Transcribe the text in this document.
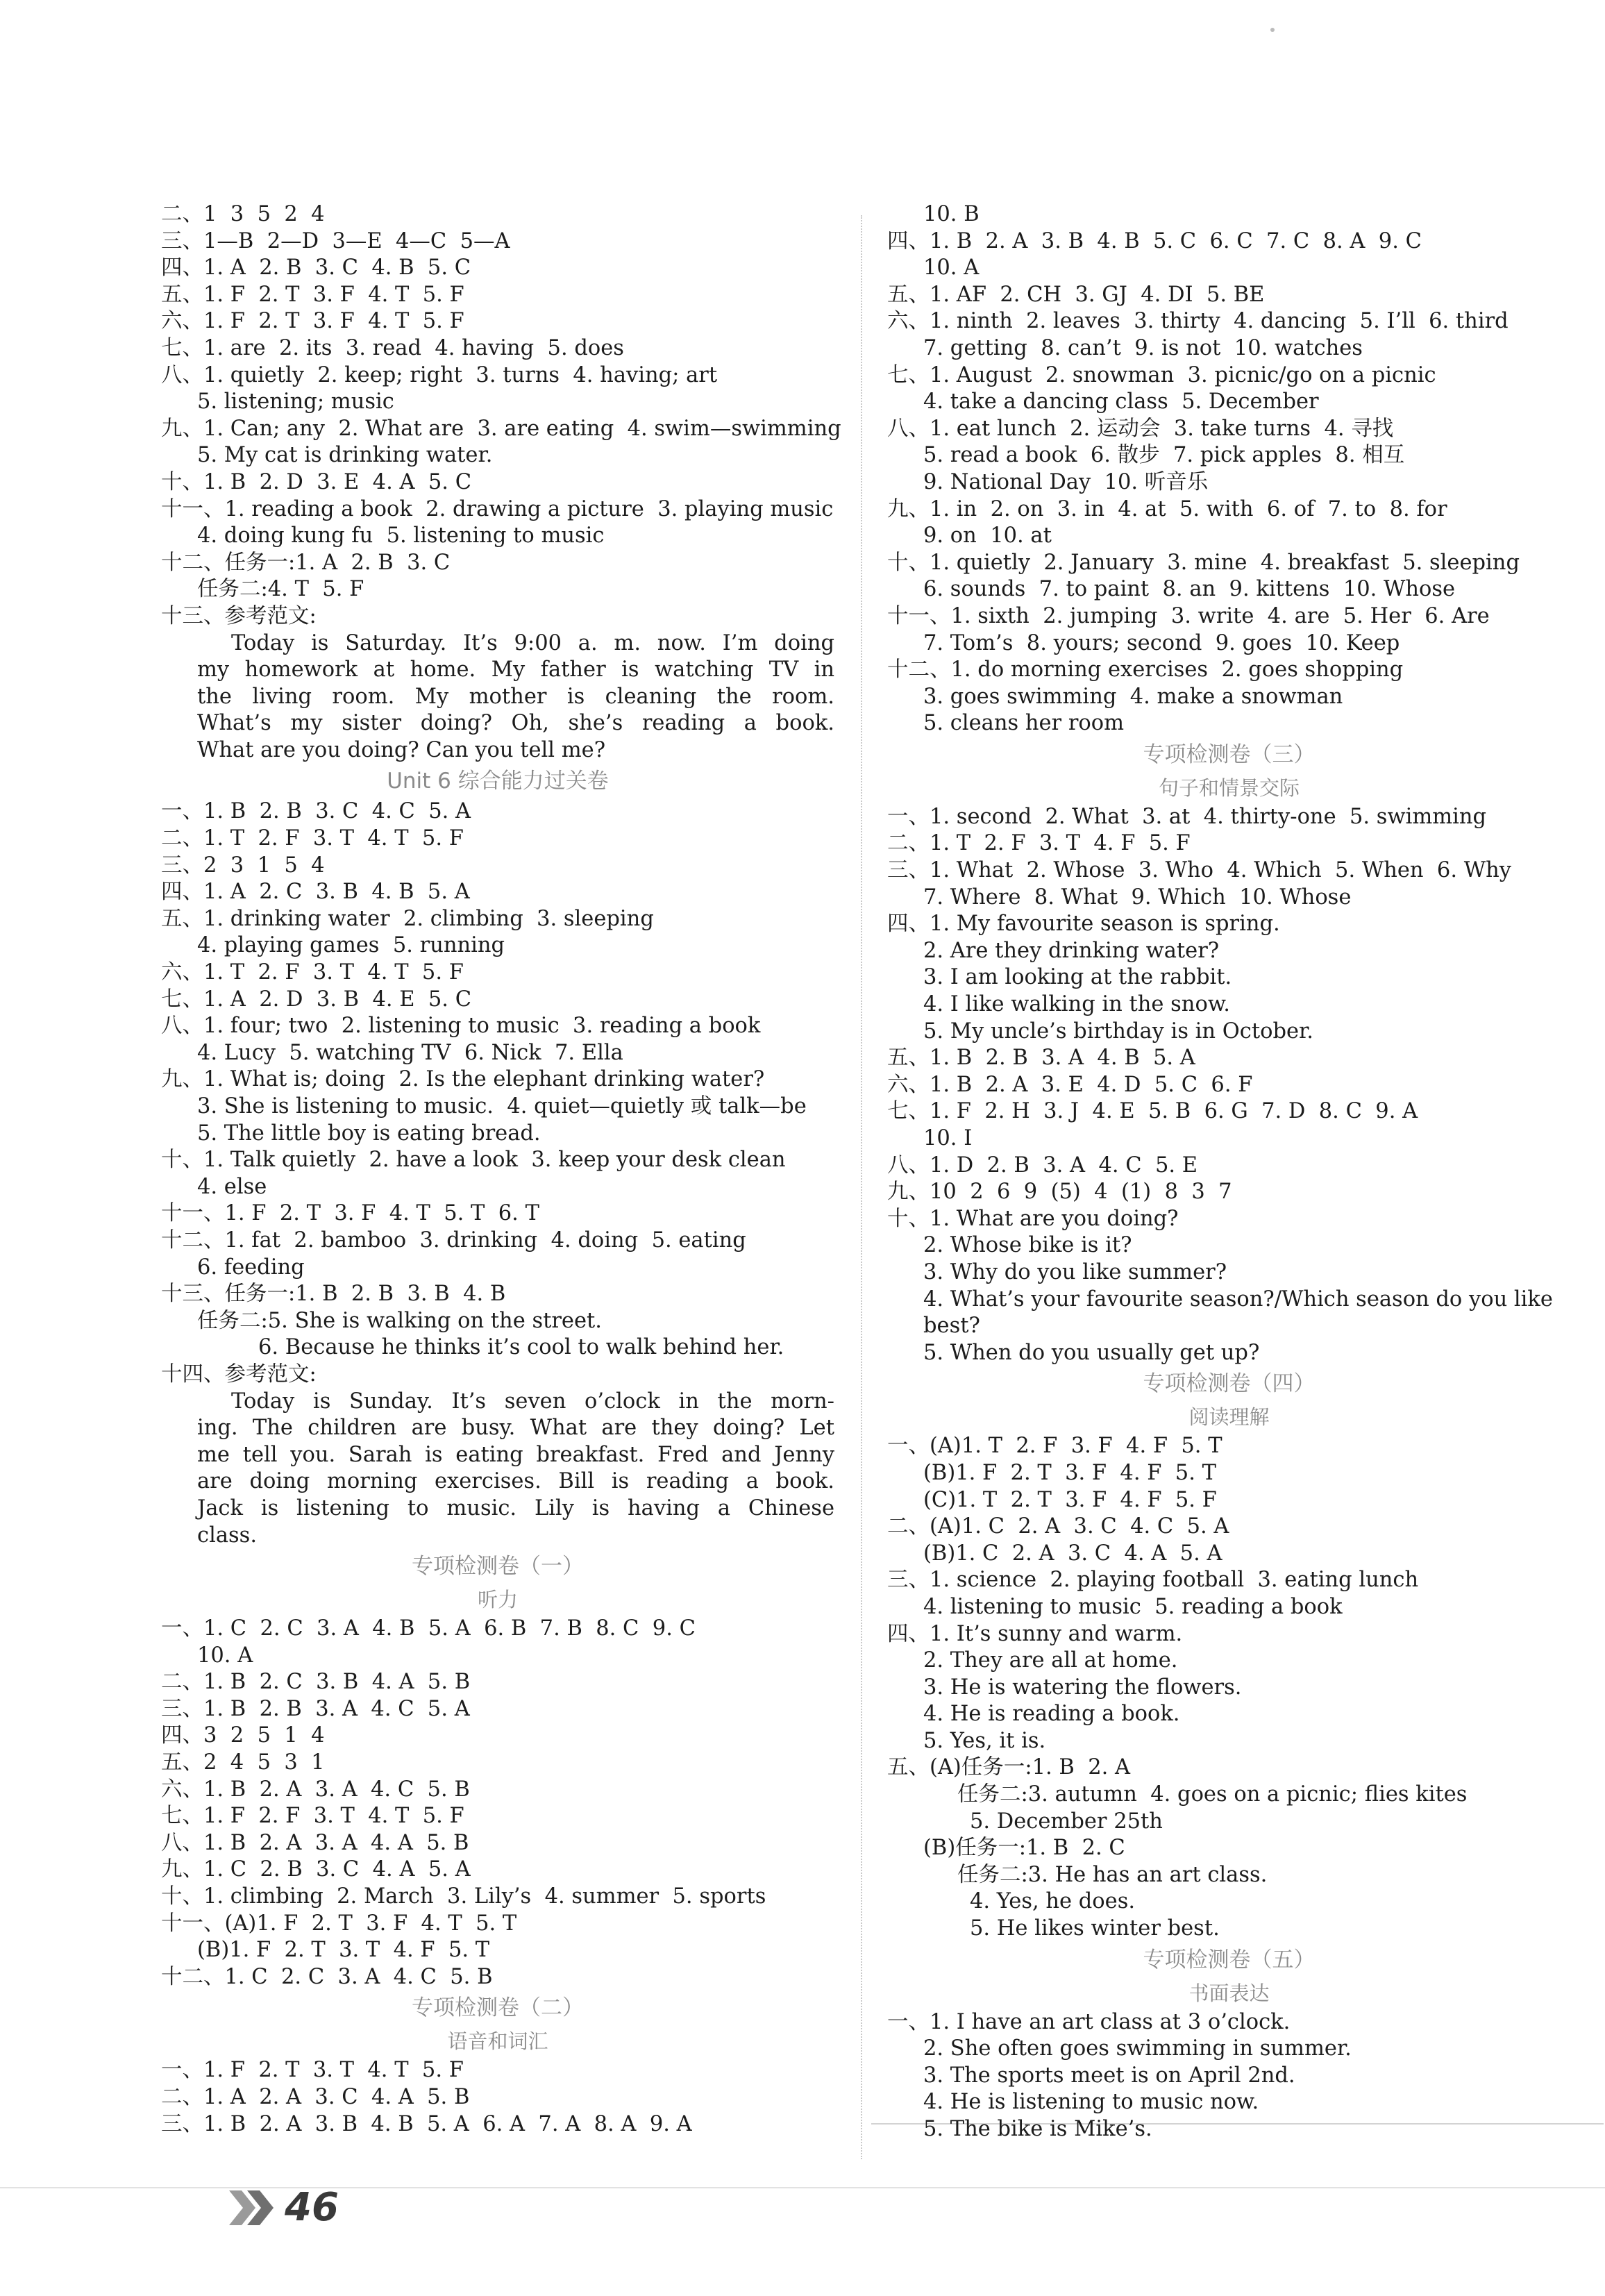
二、1  3  5  2  4
三、1—B  2—D  3—E  4—C  5—A
四、1. A  2. B  3. C  4. B  5. C
五、1. F  2. T  3. F  4. T  5. F
六、1. F  2. T  3. F  4. T  5. F
七、1. are  2. its  3. read  4. having  5. does
八、1. quietly  2. keep; right  3. turns  4. having; art
5. listening; music
九、1. Can; any  2. What are  3. are eating  4. swim—swimming
5. My cat is drinking water.
十、1. B  2. D  3. E  4. A  5. C
十一、1. reading a book  2. drawing a picture  3. playing music
4. doing kung fu  5. listening to music
十二、任务一:1. A  2. B  3. C
任务二:4. T  5. F
十三、参考范文:
Today is Saturday. It’s 9:00 a. m. now. I’m doing
my homework at home. My father is watching TV in
the living room. My mother is cleaning the room.
What’s my sister doing? Oh, she’s reading a book.
What are you doing? Can you tell me?
Unit 6 综合能力过关卷
一、1. B  2. B  3. C  4. C  5. A
二、1. T  2. F  3. T  4. T  5. F
三、2  3  1  5  4
四、1. A  2. C  3. B  4. B  5. A
五、1. drinking water  2. climbing  3. sleeping
4. playing games  5. running
六、1. T  2. F  3. T  4. T  5. F
七、1. A  2. D  3. B  4. E  5. C
八、1. four; two  2. listening to music  3. reading a book
4. Lucy  5. watching TV  6. Nick  7. Ella
九、1. What is; doing  2. Is the elephant drinking water?
3. She is listening to music.  4. quiet—quietly 或 talk—be
5. The little boy is eating bread.
十、1. Talk quietly  2. have a look  3. keep your desk clean
4. else
十一、1. F  2. T  3. F  4. T  5. T  6. T
十二、1. fat  2. bamboo  3. drinking  4. doing  5. eating
6. feeding
十三、任务一:1. B  2. B  3. B  4. B
任务二:5. She is walking on the street.
6. Because he thinks it’s cool to walk behind her.
十四、参考范文:
Today is Sunday. It’s seven o’clock in the morn-
ing. The children are busy. What are they doing? Let
me tell you. Sarah is eating breakfast. Fred and Jenny
are doing morning exercises. Bill is reading a book.
Jack is listening to music. Lily is having a Chinese
class.
专项检测卷（一）
听力
一、1. C  2. C  3. A  4. B  5. A  6. B  7. B  8. C  9. C
10. A
二、1. B  2. C  3. B  4. A  5. B
三、1. B  2. B  3. A  4. C  5. A
四、3  2  5  1  4
五、2  4  5  3  1
六、1. B  2. A  3. A  4. C  5. B
七、1. F  2. F  3. T  4. T  5. F
八、1. B  2. A  3. A  4. A  5. B
九、1. C  2. B  3. C  4. A  5. A
十、1. climbing  2. March  3. Lily’s  4. summer  5. sports
十一、(A)1. F  2. T  3. F  4. T  5. T
(B)1. F  2. T  3. T  4. F  5. T
十二、1. C  2. C  3. A  4. C  5. B
专项检测卷（二）
语音和词汇
一、1. F  2. T  3. T  4. T  5. F
二、1. A  2. A  3. C  4. A  5. B
三、1. B  2. A  3. B  4. B  5. A  6. A  7. A  8. A  9. A
10. B
四、1. B  2. A  3. B  4. B  5. C  6. C  7. C  8. A  9. C
10. A
五、1. AF  2. CH  3. GJ  4. DI  5. BE
六、1. ninth  2. leaves  3. thirty  4. dancing  5. I’ll  6. third
7. getting  8. can’t  9. is not  10. watches
七、1. August  2. snowman  3. picnic/go on a picnic
4. take a dancing class  5. December
八、1. eat lunch  2. 运动会  3. take turns  4. 寻找
5. read a book  6. 散步  7. pick apples  8. 相互
9. National Day  10. 听音乐
九、1. in  2. on  3. in  4. at  5. with  6. of  7. to  8. for
9. on  10. at
十、1. quietly  2. January  3. mine  4. breakfast  5. sleeping
6. sounds  7. to paint  8. an  9. kittens  10. Whose
十一、1. sixth  2. jumping  3. write  4. are  5. Her  6. Are
7. Tom’s  8. yours; second  9. goes  10. Keep
十二、1. do morning exercises  2. goes shopping
3. goes swimming  4. make a snowman
5. cleans her room
专项检测卷（三）
句子和情景交际
一、1. second  2. What  3. at  4. thirty-one  5. swimming
二、1. T  2. F  3. T  4. F  5. F
三、1. What  2. Whose  3. Who  4. Which  5. When  6. Why
7. Where  8. What  9. Which  10. Whose
四、1. My favourite season is spring.
2. Are they drinking water?
3. I am looking at the rabbit.
4. I like walking in the snow.
5. My uncle’s birthday is in October.
五、1. B  2. B  3. A  4. B  5. A
六、1. B  2. A  3. E  4. D  5. C  6. F
七、1. F  2. H  3. J  4. E  5. B  6. G  7. D  8. C  9. A
10. I
八、1. D  2. B  3. A  4. C  5. E
九、10  2  6  9  (5)  4  (1)  8  3  7
十、1. What are you doing?
2. Whose bike is it?
3. Why do you like summer?
4. What’s your favourite season?/Which season do you like
best?
5. When do you usually get up?
专项检测卷（四）
阅读理解
一、(A)1. T  2. F  3. F  4. F  5. T
(B)1. F  2. T  3. F  4. F  5. T
(C)1. T  2. T  3. F  4. F  5. F
二、(A)1. C  2. A  3. C  4. C  5. A
(B)1. C  2. A  3. C  4. A  5. A
三、1. science  2. playing football  3. eating lunch
4. listening to music  5. reading a book
四、1. It’s sunny and warm.
2. They are all at home.
3. He is watering the flowers.
4. He is reading a book.
5. Yes, it is.
五、(A)任务一:1. B  2. A
任务二:3. autumn  4. goes on a picnic; flies kites
5. December 25th
(B)任务一:1. B  2. C
任务二:3. He has an art class.
4. Yes, he does.
5. He likes winter best.
专项检测卷（五）
书面表达
一、1. I have an art class at 3 o’clock.
2. She often goes swimming in summer.
3. The sports meet is on April 2nd.
4. He is listening to music now.
5. The bike is Mike’s.
46
